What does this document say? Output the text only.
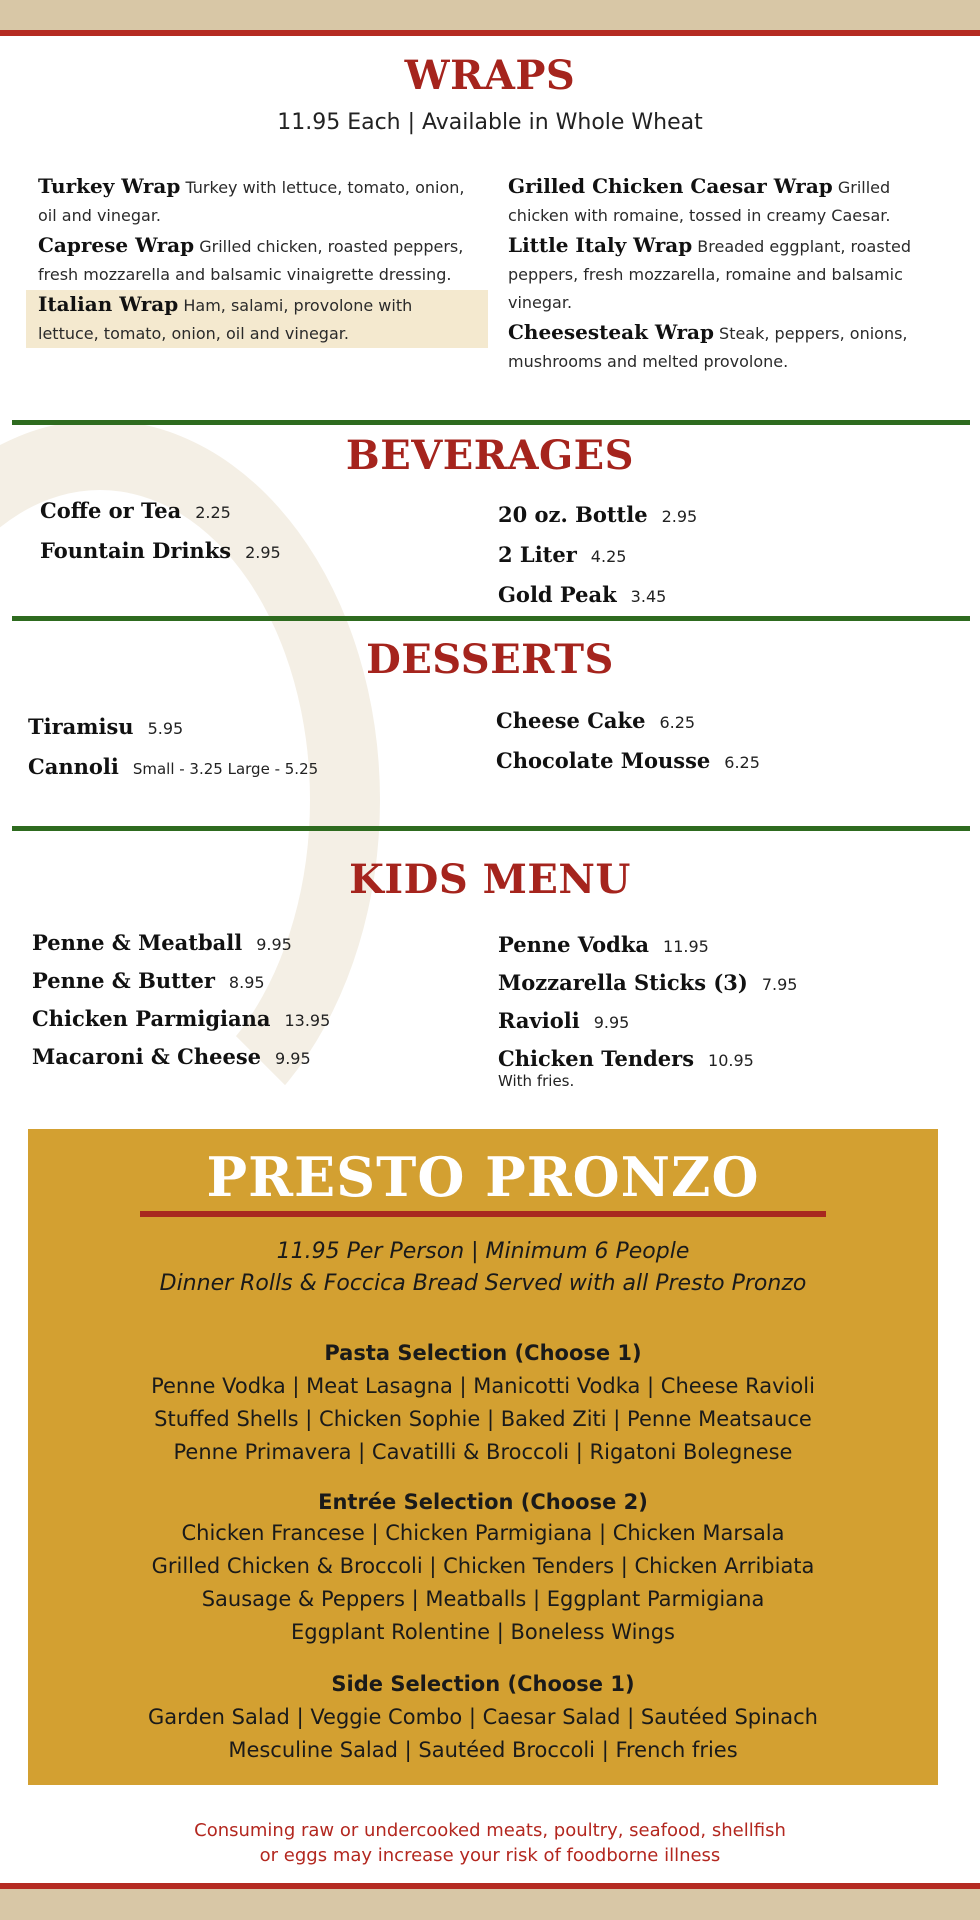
WRAPS
11.95 Each | Available in Whole Wheat
Turkey Wrap Turkey with lettuce, tomato, onion, oil and vinegar.
Caprese Wrap Grilled chicken, roasted peppers, fresh mozzarella and balsamic vinaigrette dressing.
Italian Wrap Ham, salami, provolone with lettuce, tomato, onion, oil and vinegar.
Grilled Chicken Caesar Wrap Grilled chicken with romaine, tossed in creamy Caesar.
Little Italy Wrap Breaded eggplant, roasted peppers, fresh mozzarella, romaine and balsamic vinegar.
Cheesesteak Wrap Steak, peppers, onions, mushrooms and melted provolone.
BEVERAGES
Coffe or Tea 2.25
Fountain Drinks 2.95
20 oz. Bottle 2.95
2 Liter 4.25
Gold Peak 3.45
DESSERTS
Tiramisu 5.95
Cannoli Small - 3.25 Large - 5.25
Cheese Cake 6.25
Chocolate Mousse 6.25
KIDS MENU
Penne & Meatball 9.95
Penne & Butter 8.95
Chicken Parmigiana 13.95
Macaroni & Cheese 9.95
Penne Vodka 11.95
Mozzarella Sticks (3) 7.95
Ravioli 9.95
Chicken Tenders 10.95
With fries.
PRESTO PRONZO
11.95 Per Person | Minimum 6 People
Dinner Rolls & Foccica Bread Served with all Presto Pronzo
Pasta Selection (Choose 1)
Penne Vodka | Meat Lasagna | Manicotti Vodka | Cheese Ravioli
Stuffed Shells | Chicken Sophie | Baked Ziti | Penne Meatsauce
Penne Primavera | Cavatilli & Broccoli | Rigatoni Bolegnese
Entrée Selection (Choose 2)
Chicken Francese | Chicken Parmigiana | Chicken Marsala
Grilled Chicken & Broccoli | Chicken Tenders | Chicken Arribiata
Sausage & Peppers | Meatballs | Eggplant Parmigiana
Eggplant Rolentine | Boneless Wings
Side Selection (Choose 1)
Garden Salad | Veggie Combo | Caesar Salad | Sautéed Spinach
Mesculine Salad | Sautéed Broccoli | French fries
Consuming raw or undercooked meats, poultry, seafood, shellfish
or eggs may increase your risk of foodborne illness
